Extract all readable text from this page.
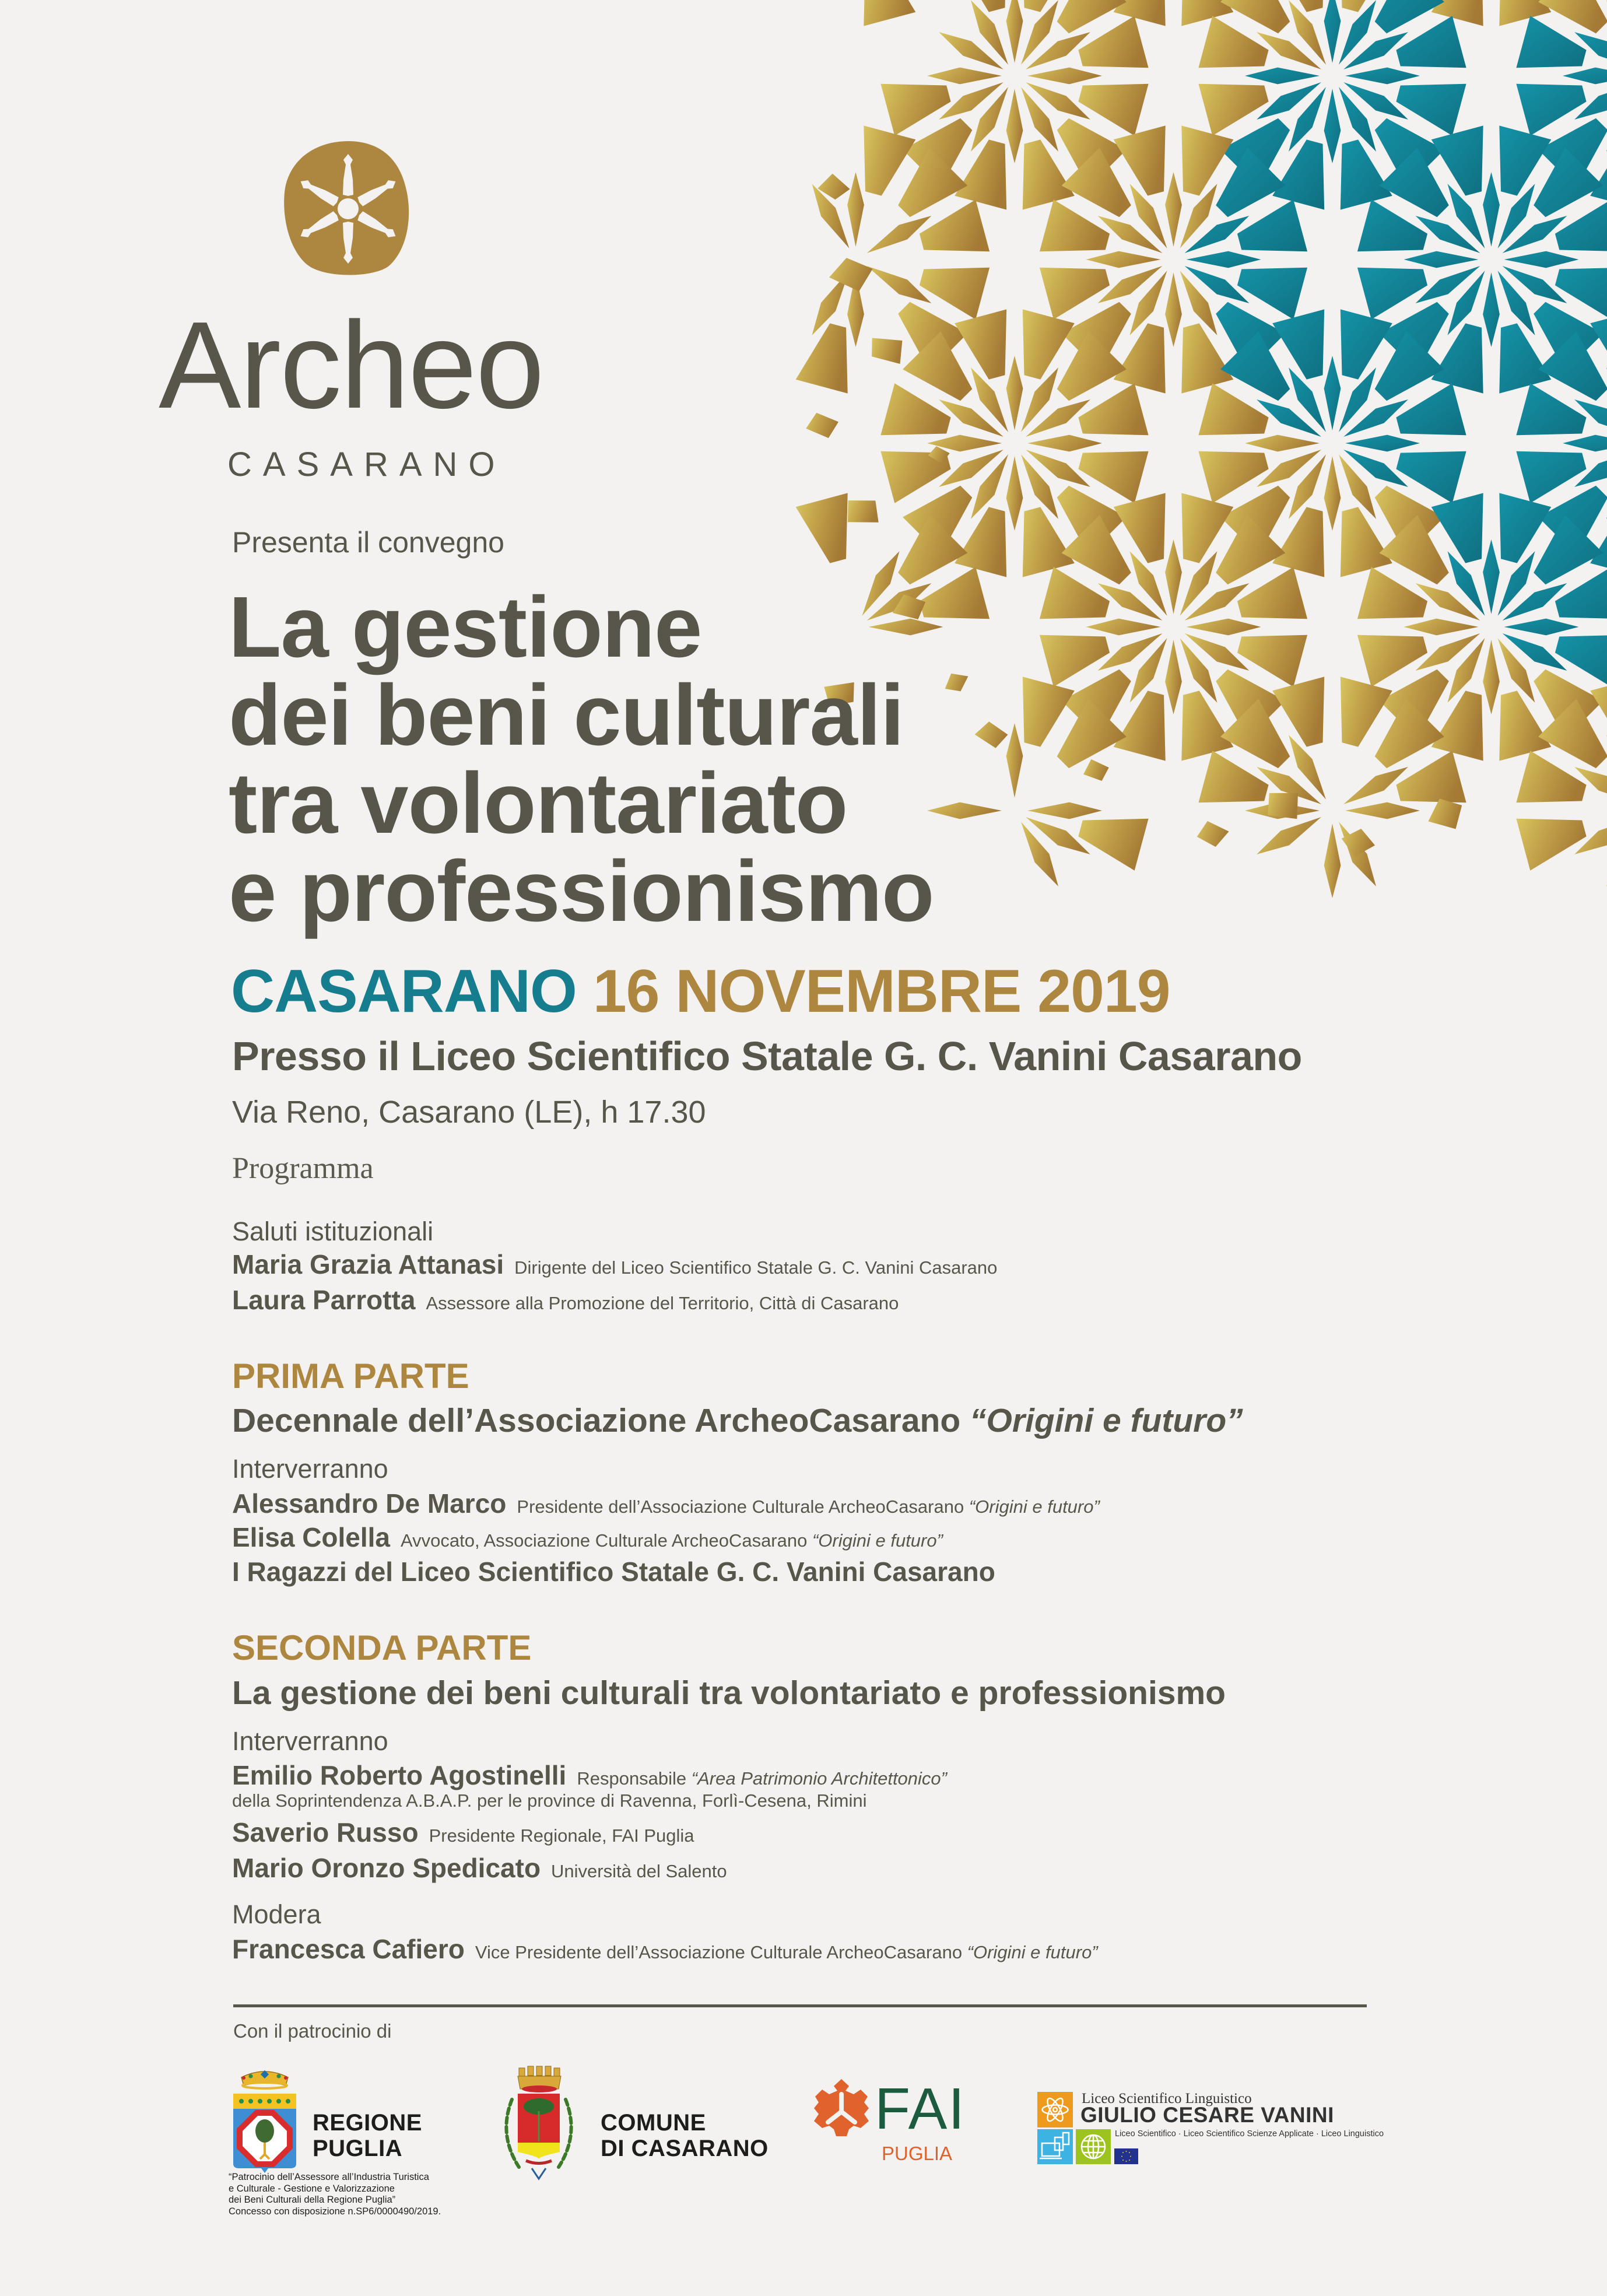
Archeo
CASARANO
Presenta il convegno
La gestione
dei beni culturali
tra volontariato
e professionismo
CASARANO 16 NOVEMBRE 2019
Presso il Liceo Scientifico Statale G. C. Vanini Casarano
Via Reno, Casarano (LE), h 17.30
Programma
Saluti istituzionali
Maria Grazia Attanasi Dirigente del Liceo Scientifico Statale G. C. Vanini Casarano
Laura Parrotta Assessore alla Promozione del Territorio, Città di Casarano
PRIMA PARTE
Decennale dell’Associazione ArcheoCasarano “Origini e futuro”
Interverranno
Alessandro De Marco Presidente dell’Associazione Culturale ArcheoCasarano “Origini e futuro”
Elisa Colella Avvocato, Associazione Culturale ArcheoCasarano “Origini e futuro”
I Ragazzi del Liceo Scientifico Statale G. C. Vanini Casarano
SECONDA PARTE
La gestione dei beni culturali tra volontariato e professionismo
Interverranno
Emilio Roberto Agostinelli Responsabile “Area Patrimonio Architettonico”
della Soprintendenza A.B.A.P. per le province di Ravenna, Forlì-Cesena, Rimini
Saverio Russo Presidente Regionale, FAI Puglia
Mario Oronzo Spedicato Università del Salento
Modera
Francesca Cafiero Vice Presidente dell’Associazione Culturale ArcheoCasarano “Origini e futuro”
Con il patrocinio di
REGIONE
PUGLIA
“Patrocinio dell’Assessore all’Industria Turistica
e Culturale - Gestione e Valorizzazione
dei Beni Culturali della Regione Puglia”
Concesso con disposizione n.SP6/0000490/2019.
COMUNE
DI CASARANO
FAI
PUGLIA
Liceo Scientifico Linguistico
GIULIO CESARE VANINI
Liceo Scientifico · Liceo Scientifico Scienze Applicate · Liceo Linguistico
